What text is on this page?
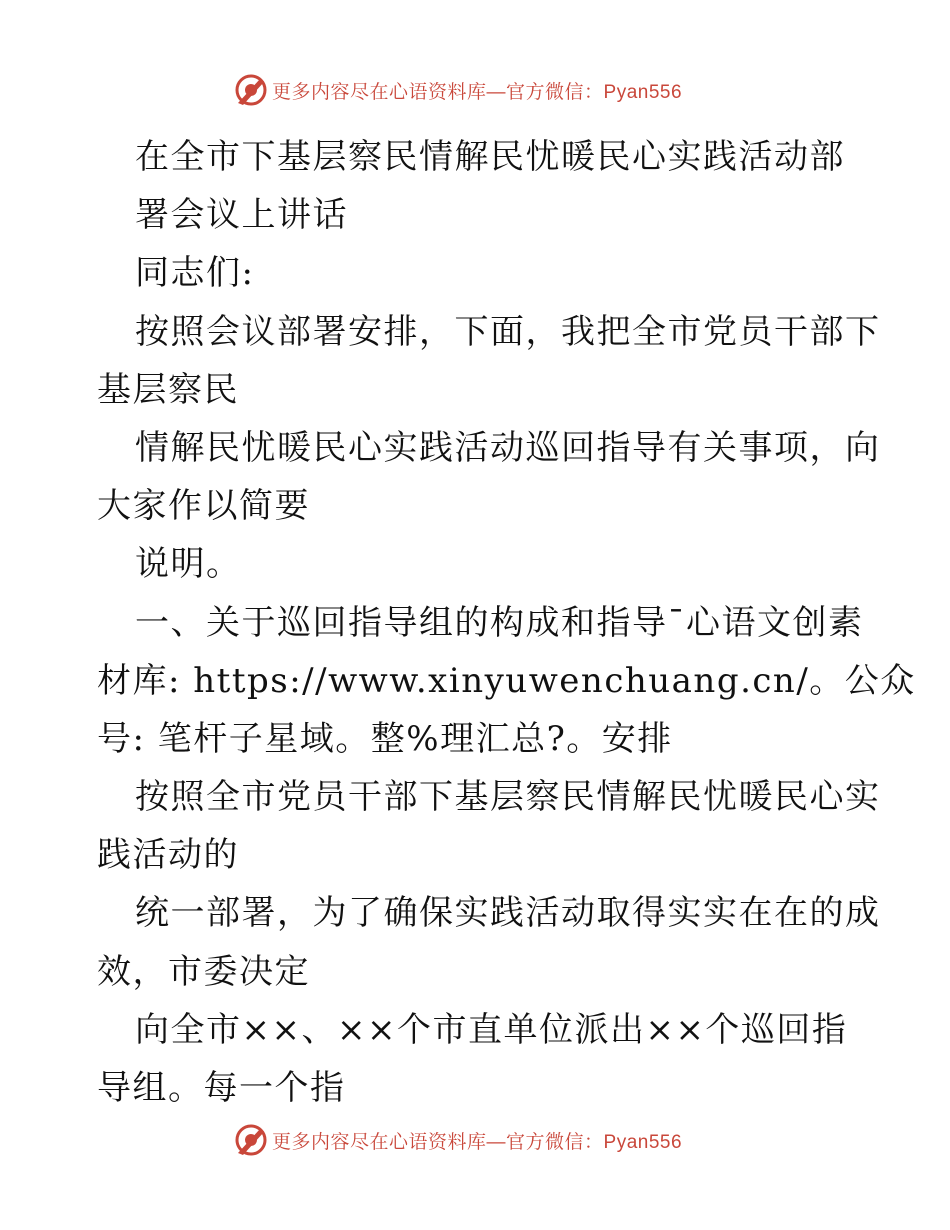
更多内容尽在心语资料库—官方微信：Pyan556
在全市下基层察民情解民忧暖民心实践活动部
署会议上讲话
同志们:
按照会议部署安排，下面，我把全市党员干部下
基层察民
情解民忧暖民心实践活动巡回指导有关事项，向
大家作以简要
说明。
一、关于巡回指导组的构成和指导¯心语文创素
材库: https://www.xinyuwenchuang.cn/。公众
号: 笔杆子星域。整%理汇总?。安排
按照全市党员干部下基层察民情解民忧暖民心实
践活动的
统一部署，为了确保实践活动取得实实在在的成
效，市委决定
向全市××、××个市直单位派出××个巡回指
导组。每一个指
更多内容尽在心语资料库—官方微信：Pyan556
